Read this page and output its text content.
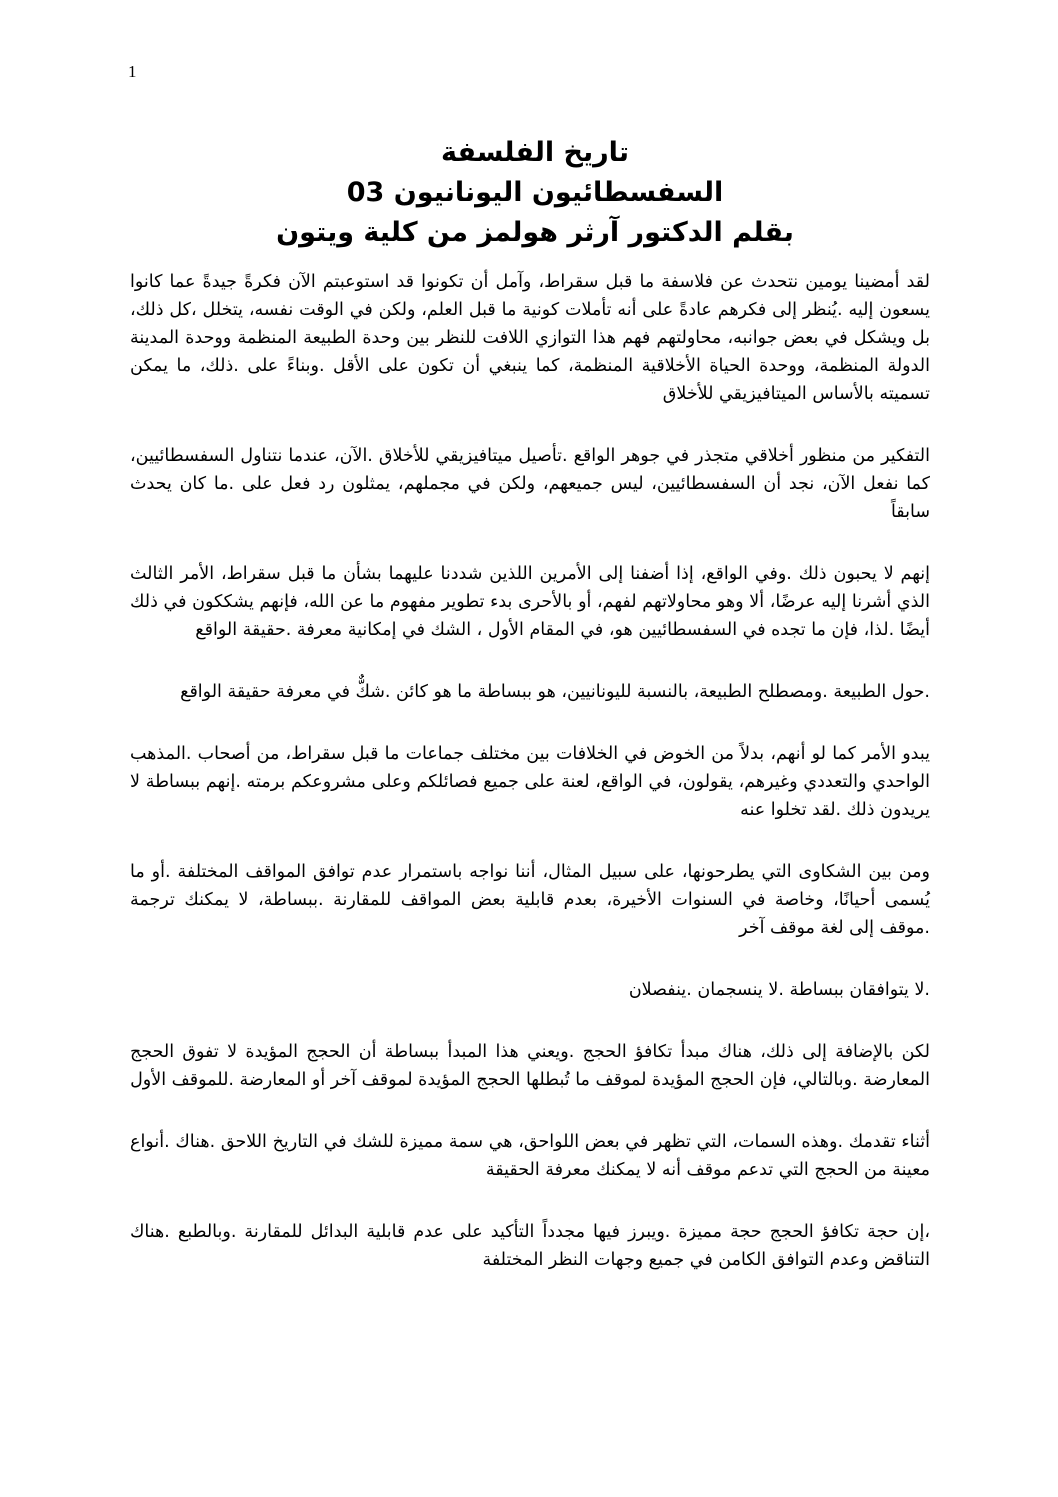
1

تاريخ الفلسفة

السفسطائيون اليونانيون 03

بقلم الدكتور آرثر هولمز من كلية ويتون

لقد أمضينا يومين نتحدث عن فلاسفة ما قبل سقراط، وآمل أن تكونوا قد استوعبتم الآن فكرةً جيدةً عما كانوا يسعون إليه .يُنظر إلى فكرهم عادةً على أنه تأملات كونية ما قبل العلم، ولكن في الوقت نفسه، يتخلل ،كل ذلك، بل ويشكل في بعض جوانبه، محاولتهم فهم هذا التوازي اللافت للنظر بين وحدة الطبيعة المنظمة ووحدة المدينة الدولة المنظمة، ووحدة الحياة الأخلاقية المنظمة، كما ينبغي أن تكون على الأقل .وبناءً على .ذلك، ما يمكن تسميته بالأساس الميتافيزيقي للأخلاق

التفكير من منظور أخلاقي متجذر في جوهر الواقع .تأصيل ميتافيزيقي للأخلاق .الآن، عندما نتناول السفسطائيين، كما نفعل الآن، نجد أن السفسطائيين، ليس جميعهم، ولكن في مجملهم، يمثلون رد فعل على .ما كان يحدث سابقاً

إنهم لا يحبون ذلك .وفي الواقع، إذا أضفنا إلى الأمرين اللذين شددنا عليهما بشأن ما قبل سقراط، الأمر الثالث الذي أشرنا إليه عرضًا، ألا وهو محاولاتهم لفهم، أو بالأحرى بدء تطوير مفهوم ما عن الله، فإنهم يشككون في ذلك أيضًا .لذا، فإن ما تجده في السفسطائيين هو، في المقام الأول ، الشك في إمكانية معرفة .حقيقة الواقع

.حول الطبيعة .ومصطلح الطبيعة، بالنسبة لليونانيين، هو ببساطة ما هو كائن .شكٌّ في معرفة حقيقة الواقع

يبدو الأمر كما لو أنهم، بدلاً من الخوض في الخلافات بين مختلف جماعات ما قبل سقراط، من أصحاب .المذهب الواحدي والتعددي وغيرهم، يقولون، في الواقع، لعنة على جميع فصائلكم وعلى مشروعكم برمته .إنهم ببساطة لا يريدون ذلك .لقد تخلوا عنه

ومن بين الشكاوى التي يطرحونها، على سبيل المثال، أننا نواجه باستمرار عدم توافق المواقف المختلفة .أو ما يُسمى أحيانًا، وخاصة في السنوات الأخيرة، بعدم قابلية بعض المواقف للمقارنة .ببساطة، لا يمكنك ترجمة .موقف إلى لغة موقف آخر

.لا يتوافقان ببساطة .لا ينسجمان .ينفصلان

لكن بالإضافة إلى ذلك، هناك مبدأ تكافؤ الحجج .ويعني هذا المبدأ ببساطة أن الحجج المؤيدة لا تفوق الحجج المعارضة .وبالتالي، فإن الحجج المؤيدة لموقف ما تُبطلها الحجج المؤيدة لموقف آخر أو المعارضة .للموقف الأول

أثناء تقدمك .وهذه السمات، التي تظهر في بعض اللواحق، هي سمة مميزة للشك في التاريخ اللاحق .هناك .أنواع معينة من الحجج التي تدعم موقف أنه لا يمكنك معرفة الحقيقة

،إن حجة تكافؤ الحجج حجة مميزة .ويبرز فيها مجدداً التأكيد على عدم قابلية البدائل للمقارنة .وبالطبع .هناك التناقض وعدم التوافق الكامن في جميع وجهات النظر المختلفة
